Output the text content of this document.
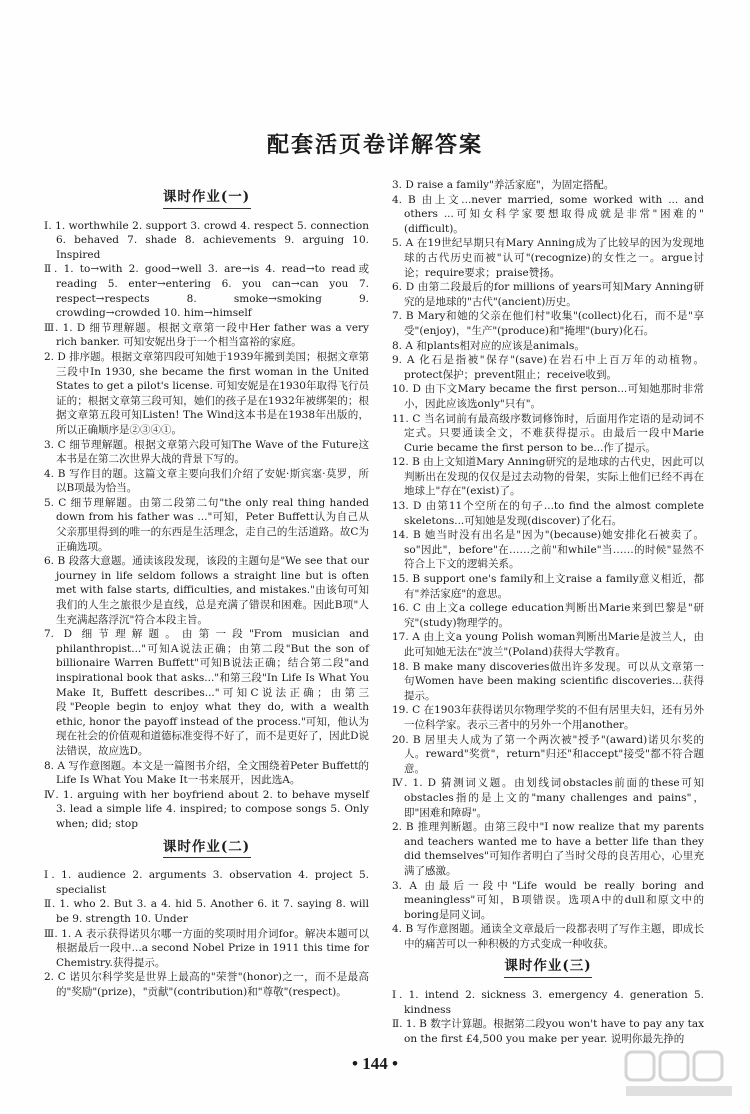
配套活页卷详解答案
课时作业(一)

Ⅰ. 1. worthwhile 2. support 3. crowd 4. respect 5. connection 6. behaved 7. shade 8. achievements 9. arguing 10. Inspired

Ⅱ. 1. to→with 2. good→well 3. are→is 4. read→to read或reading 5. enter→entering 6. you can→can you 7. respect→respects 8. smoke→smoking 9. crowding→crowded 10. him→himself

Ⅲ. 1. D 细节理解题。根据文章第一段中Her father was a very rich banker. 可知安妮出身于一个相当富裕的家庭。

2. D 排序题。根据文章第四段可知她于1939年搬到美国；根据文章第三段中In 1930, she became the first woman in the United States to get a pilot's license. 可知安妮是在1930年取得飞行员证的；根据文章第三段可知，她们的孩子是在1932年被绑架的；根据文章第五段可知Listen! The Wind这本书是在1938年出版的，所以正确顺序是②③④①。

3. C 细节理解题。根据文章第六段可知The Wave of the Future这本书是在第二次世界大战的背景下写的。

4. B 写作目的题。这篇文章主要向我们介绍了安妮·斯宾塞·莫罗，所以B项最为恰当。

5. C 细节理解题。由第二段第二句"the only real thing handed down from his father was ..."可知，Peter Buffett认为自己从父亲那里得到的唯一的东西是生活理念，走自己的生活道路。故C为正确选项。

6. B 段落大意题。通读该段发现，该段的主题句是"We see that our journey in life seldom follows a straight line but is often met with false starts, difficulties, and mistakes."由该句可知我们的人生之旅很少是直线，总是充满了错误和困难。因此B项"人生充满起落浮沉"符合本段主旨。

7. D 细节理解题。由第一段"From musician and philanthropist..."可知A说法正确；由第二段"But the son of billionaire Warren Buffett"可知B说法正确；结合第二段"and inspirational book that asks..."和第三段"In Life Is What You Make It, Buffett describes..."可知C说法正确；由第三段"People begin to enjoy what they do, with a wealth ethic, honor the payoff instead of the process."可知，他认为现在社会的价值观和道德标准变得不好了，而不是更好了，因此D说法错误，故应选D。

8. A 写作意图题。本文是一篇图书介绍，全文围绕着Peter Buffett的Life Is What You Make It一书来展开，因此选A。

Ⅳ. 1. arguing with her boyfriend about 2. to behave myself 3. lead a simple life 4. inspired; to compose songs 5. Only when; did; stop

课时作业(二)

Ⅰ. 1. audience 2. arguments 3. observation 4. project 5. specialist

Ⅱ. 1. who 2. But 3. a 4. hid 5. Another 6. it 7. saying 8. will be 9. strength 10. Under

Ⅲ. 1. A 表示获得诺贝尔哪一方面的奖项时用介词for。解决本题可以根据最后一段中...a second Nobel Prize in 1911 this time for Chemistry.获得提示。

2. C 诺贝尔科学奖是世界上最高的"荣誉"(honor)之一，而不是最高的"奖励"(prize)，"贡献"(contribution)和"尊敬"(respect)。

3. D raise a family"养活家庭"，为固定搭配。

4. B 由上文...never married, some worked with ... and others ...可知女科学家要想取得成就是非常"困难的"(difficult)。

5. A 在19世纪早期只有Mary Anning成为了比较早的因为发现地球的古代历史而被"认可"(recognize)的女性之一。argue讨论；require要求；praise赞扬。

6. D 由第二段最后的for millions of years可知Mary Anning研究的是地球的"古代"(ancient)历史。

7. B Mary和她的父亲在他们村"收集"(collect)化石，而不是"享受"(enjoy)，"生产"(produce)和"掩埋"(bury)化石。

8. A 和plants相对应的应该是animals。

9. A 化石是指被"保存"(save)在岩石中上百万年的动植物。protect保护；prevent阻止；receive收到。

10. D 由下文Mary became the first person...可知她那时非常小，因此应该选only"只有"。

11. C 当名词前有最高级序数词修饰时，后面用作定语的是动词不定式。只要通读全文，不难获得提示。由最后一段中Marie Curie became the first person to be...作了提示。

12. B 由上文知道Mary Anning研究的是地球的古代史，因此可以判断出在发现的仅仅是过去动物的骨架，实际上他们已经不再在地球上"存在"(exist)了。

13. D 由第11个空所在的句子...to find the almost complete skeletons...可知她是发现(discover)了化石。

14. B 她当时没有出名是"因为"(because)她安排化石被卖了。so"因此"，before"在……之前"和while"当……的时候"显然不符合上下文的逻辑关系。

15. B support one's family和上文raise a family意义相近，都有"养活家庭"的意思。

16. C 由上文a college education判断出Marie来到巴黎是"研究"(study)物理学的。

17. A 由上文a young Polish woman判断出Marie是波兰人，由此可知她无法在"波兰"(Poland)获得大学教育。

18. B make many discoveries做出许多发现。可以从文章第一句Women have been making scientific discoveries...获得提示。

19. C 在1903年获得诺贝尔物理学奖的不但有居里夫妇，还有另外一位科学家。表示三者中的另外一个用another。

20. B 居里夫人成为了第一个两次被"授予"(award)诺贝尔奖的人。reward"奖赏"，return"归还"和accept"接受"都不符合题意。

Ⅳ. 1. D 猜测词义题。由划线词obstacles前面的these可知obstacles指的是上文的"many challenges and pains"，即"困难和障碍"。

2. B 推理判断题。由第三段中"I now realize that my parents and teachers wanted me to have a better life than they did themselves"可知作者明白了当时父母的良苦用心，心里充满了感激。

3. A 由最后一段中"Life would be really boring and meaningless"可知，B项错误。选项A中的dull和原文中的boring是同义词。

4. B 写作意图题。通读全文章最后一段都表明了写作主题，即成长中的痛苦可以一种积极的方式变成一种收获。

课时作业(三)

Ⅰ. 1. intend 2. sickness 3. emergency 4. generation 5. kindness

Ⅱ. 1. B 数字计算题。根据第二段you won't have to pay any tax on the first £4,500 you make per year. 说明你最先挣的

• 144 •
